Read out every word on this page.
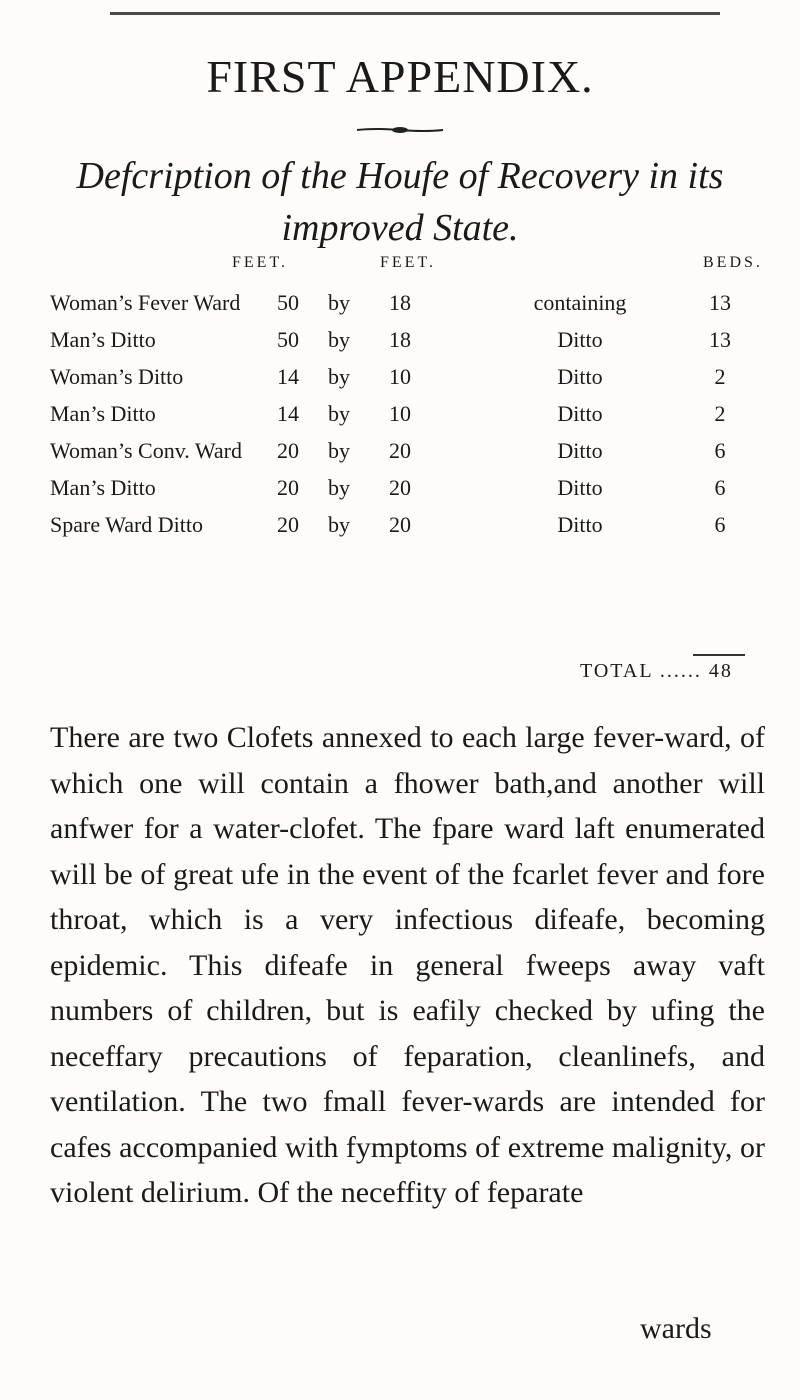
FIRST APPENDIX.
Defcription of the Houfe of Recovery in its
improved State.
FEET.	FEET.	BEDS.
Woman’s Fever Ward	50	by	18	containing	13
Man’s Ditto	50	by	18	Ditto	13
Woman’s Ditto	14	by	10	Ditto	2
Man’s Ditto	14	by	10	Ditto	2
Woman’s Conv. Ward	20	by	20	Ditto	6
Man’s Ditto	20	by	20	Ditto	6
Spare Ward Ditto	20	by	20	Ditto	6
TOTAL ...... 48
There are two Clofets annexed to each large fever-ward, of which one will contain a fhower bath,and another will anfwer for a water-clofet. The fpare ward laft enumerated will be of great ufe in the event of the fcarlet fever and fore throat, which is a very infectious difeafe, becoming epidemic. This difeafe in general fweeps away vaft numbers of children, but is eafily checked by ufing the neceffary precautions of feparation, cleanlinefs, and ventilation. The two fmall fever-wards are intended for cafes accompanied with fymptoms of extreme malignity, or violent delirium. Of the neceffity of feparate
wards
